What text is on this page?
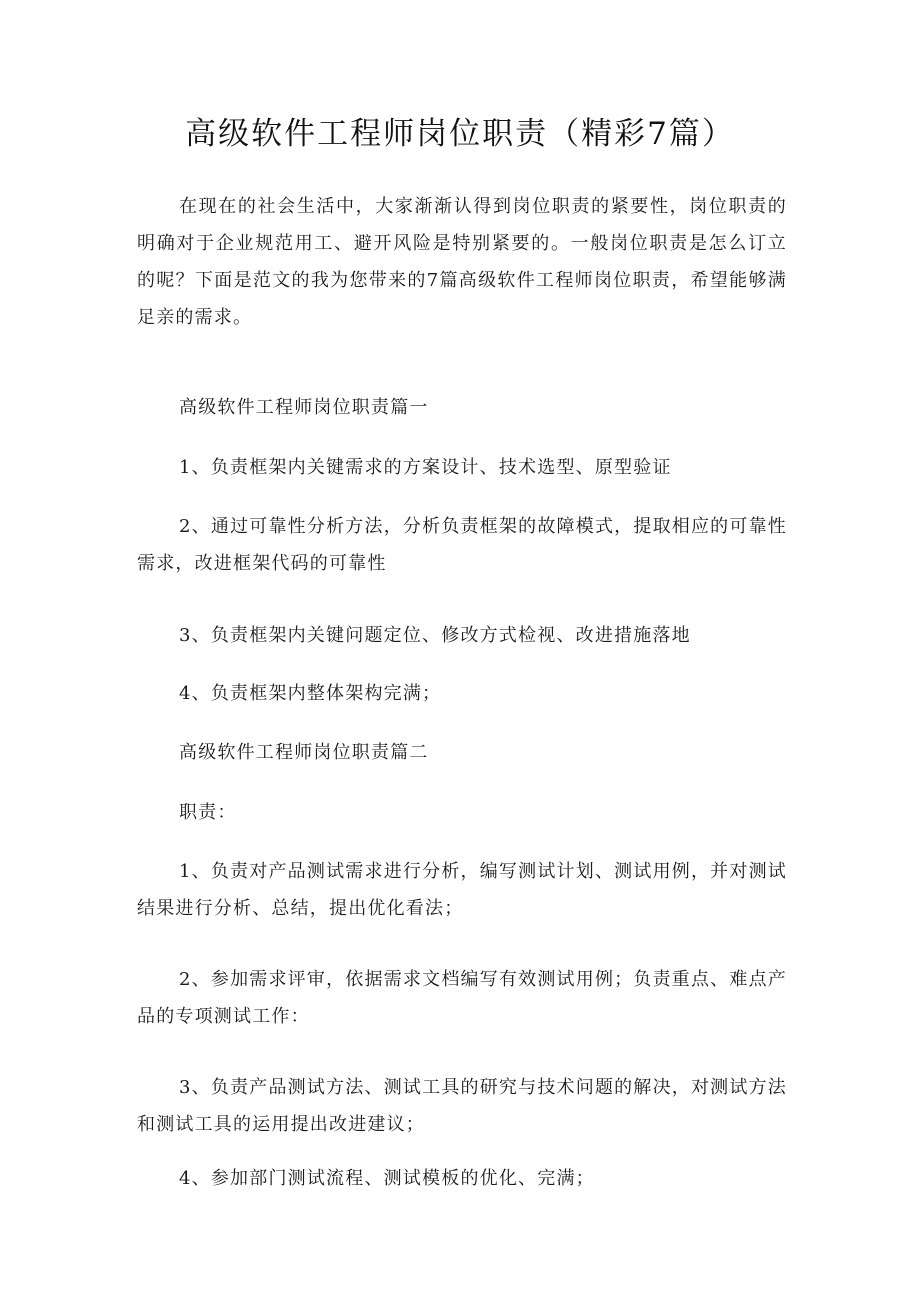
高级软件工程师岗位职责（精彩7篇）

在现在的社会生活中，大家渐渐认得到岗位职责的紧要性，岗位职责的明确对于企业规范用工、避开风险是特别紧要的。一般岗位职责是怎么订立的呢？下面是范文的我为您带来的7篇高级软件工程师岗位职责，希望能够满足亲的需求。

高级软件工程师岗位职责篇一

1、负责框架内关键需求的方案设计、技术选型、原型验证

2、通过可靠性分析方法，分析负责框架的故障模式，提取相应的可靠性需求，改进框架代码的可靠性

3、负责框架内关键问题定位、修改方式检视、改进措施落地

4、负责框架内整体架构完满；

高级软件工程师岗位职责篇二

职责：

1、负责对产品测试需求进行分析，编写测试计划、测试用例，并对测试结果进行分析、总结，提出优化看法；

2、参加需求评审，依据需求文档编写有效测试用例；负责重点、难点产品的专项测试工作：

3、负责产品测试方法、测试工具的研究与技术问题的解决，对测试方法和测试工具的运用提出改进建议；

4、参加部门测试流程、测试模板的优化、完满；
